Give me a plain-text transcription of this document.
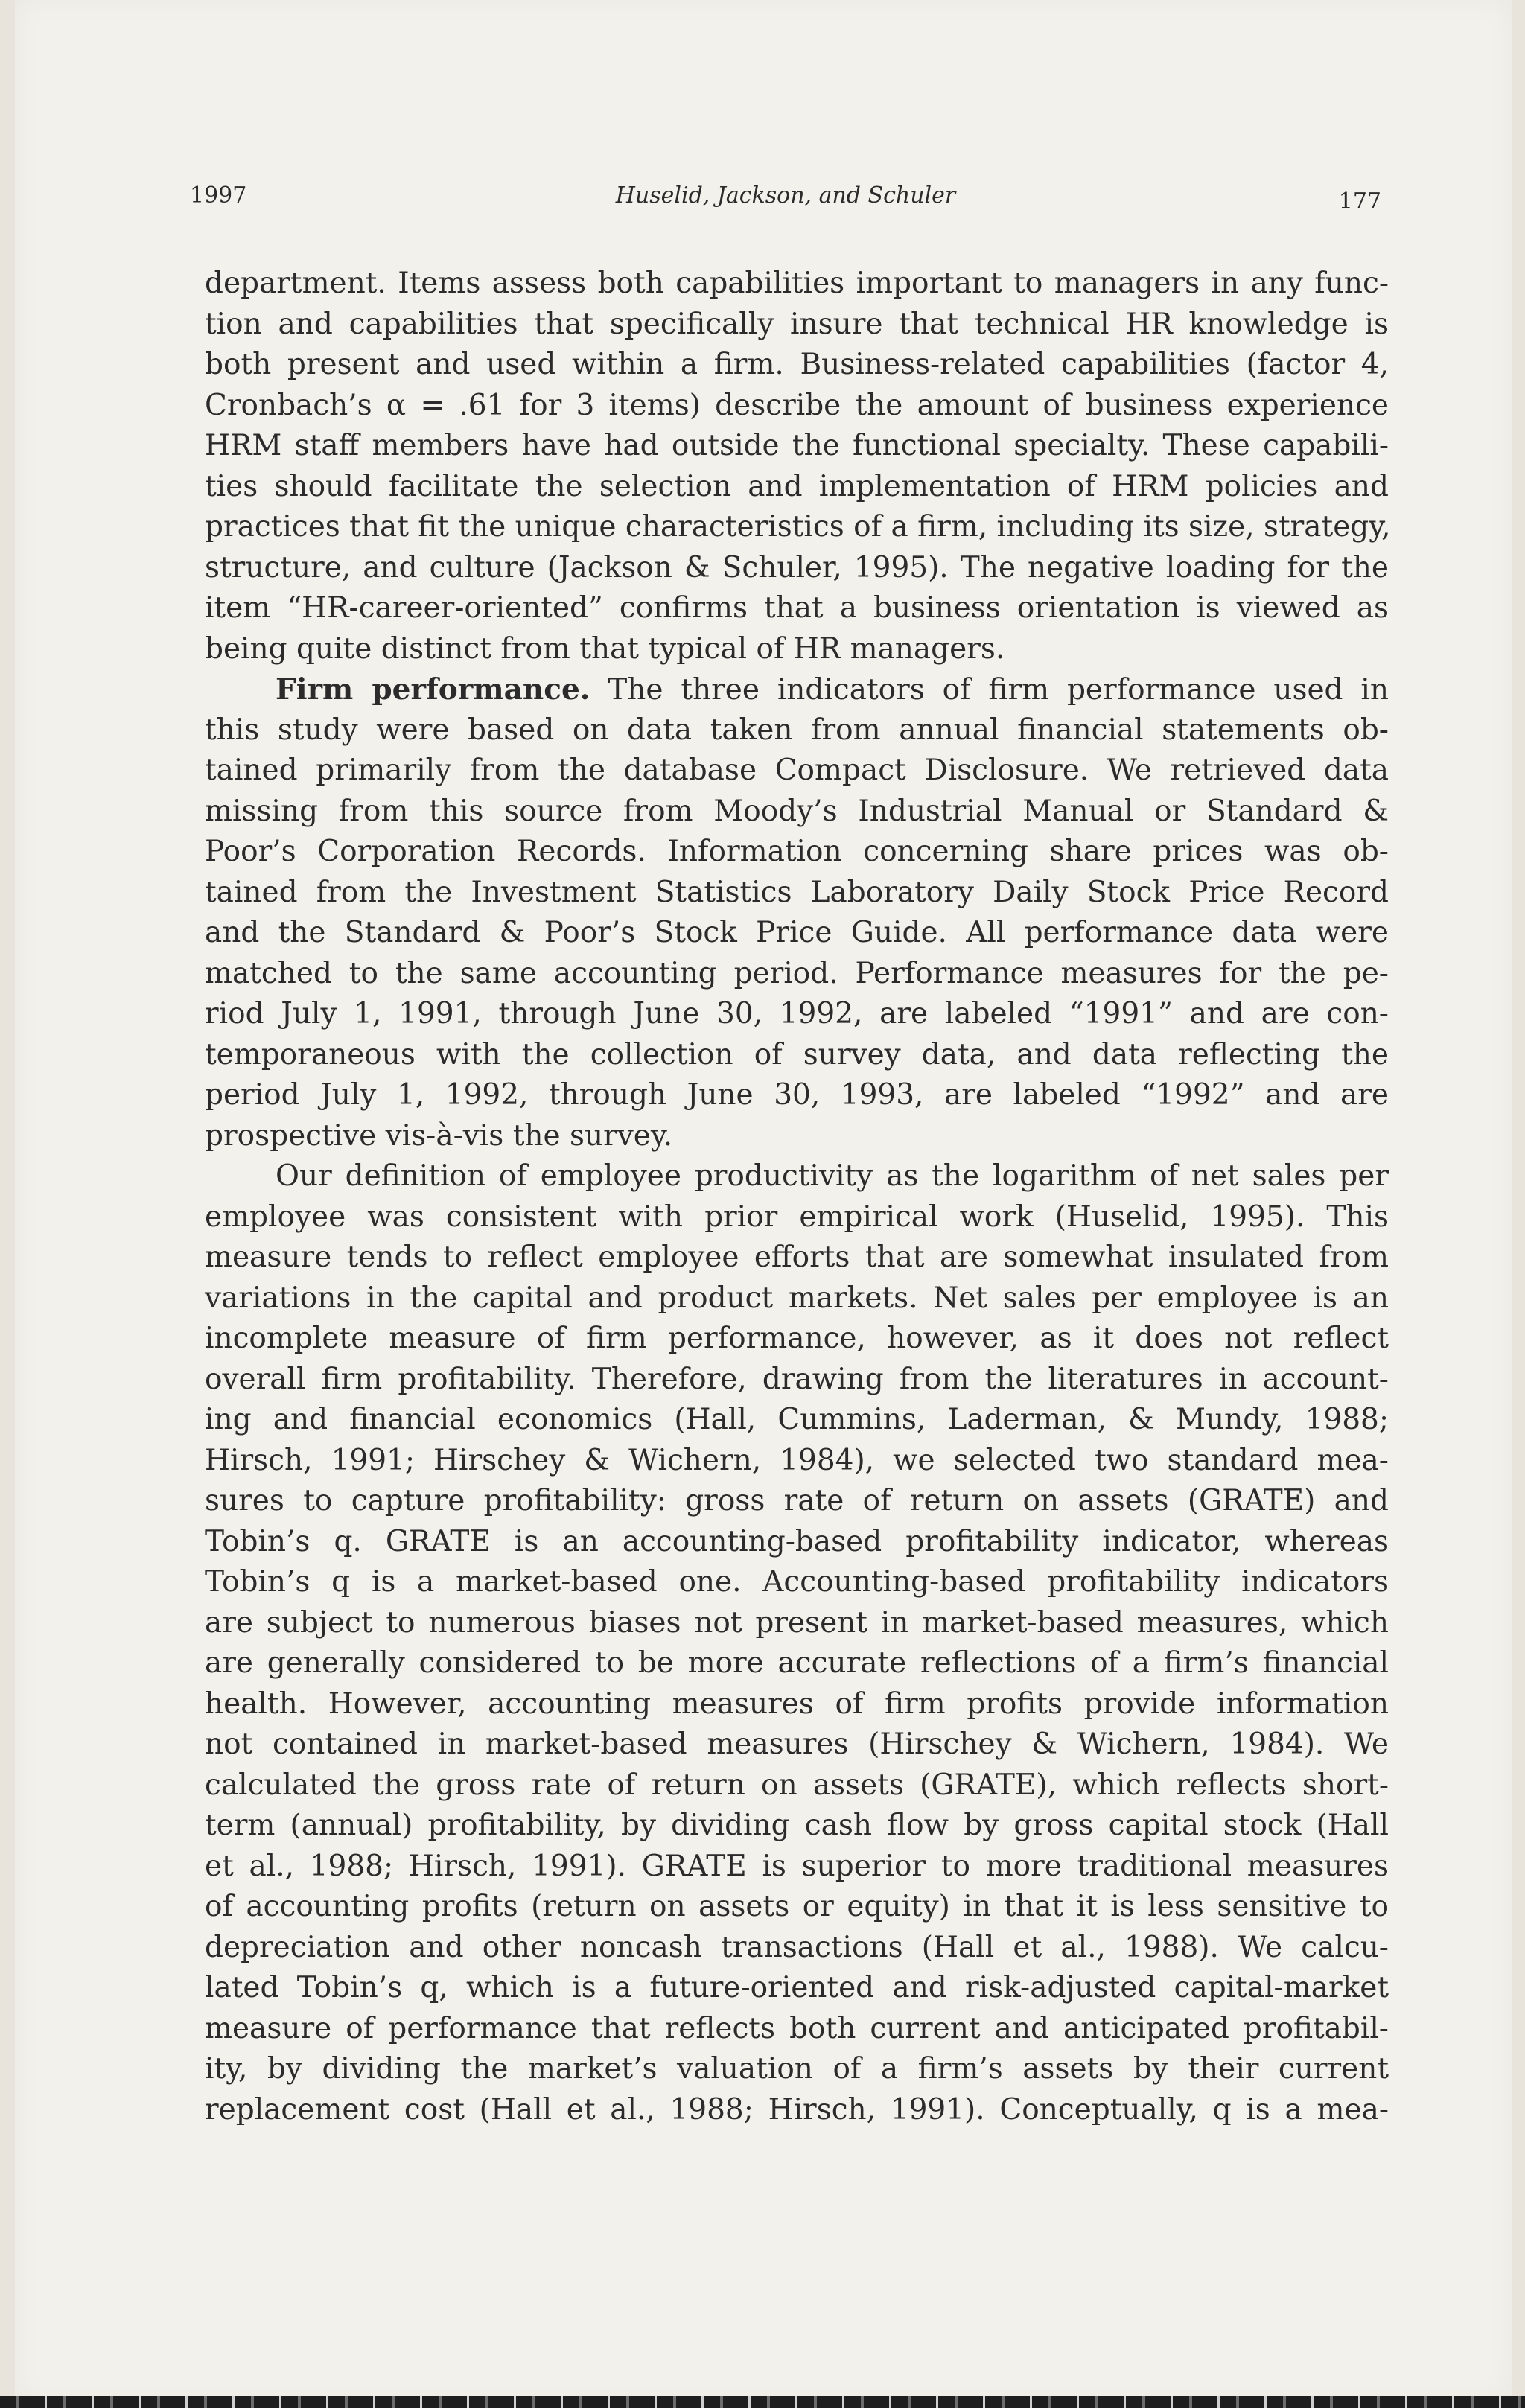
1997	Huselid, Jackson, and Schuler	177
department. Items assess both capabilities important to managers in any func-
tion and capabilities that specifically insure that technical HR knowledge is
both present and used within a firm. Business-related capabilities (factor 4,
Cronbach’s α = .61 for 3 items) describe the amount of business experience
HRM staff members have had outside the functional specialty. These capabili-
ties should facilitate the selection and implementation of HRM policies and
practices that fit the unique characteristics of a firm, including its size, strategy,
structure, and culture (Jackson & Schuler, 1995). The negative loading for the
item “HR-career-oriented” confirms that a business orientation is viewed as
being quite distinct from that typical of HR managers.
Firm performance. The three indicators of firm performance used in
this study were based on data taken from annual financial statements ob-
tained primarily from the database Compact Disclosure. We retrieved data
missing from this source from Moody’s Industrial Manual or Standard &
Poor’s Corporation Records. Information concerning share prices was ob-
tained from the Investment Statistics Laboratory Daily Stock Price Record
and the Standard & Poor’s Stock Price Guide. All performance data were
matched to the same accounting period. Performance measures for the pe-
riod July 1, 1991, through June 30, 1992, are labeled “1991” and are con-
temporaneous with the collection of survey data, and data reflecting the
period July 1, 1992, through June 30, 1993, are labeled “1992” and are
prospective vis-à-vis the survey.
Our definition of employee productivity as the logarithm of net sales per
employee was consistent with prior empirical work (Huselid, 1995). This
measure tends to reflect employee efforts that are somewhat insulated from
variations in the capital and product markets. Net sales per employee is an
incomplete measure of firm performance, however, as it does not reflect
overall firm profitability. Therefore, drawing from the literatures in account-
ing and financial economics (Hall, Cummins, Laderman, & Mundy, 1988;
Hirsch, 1991; Hirschey & Wichern, 1984), we selected two standard mea-
sures to capture profitability: gross rate of return on assets (GRATE) and
Tobin’s q. GRATE is an accounting-based profitability indicator, whereas
Tobin’s q is a market-based one. Accounting-based profitability indicators
are subject to numerous biases not present in market-based measures, which
are generally considered to be more accurate reflections of a firm’s financial
health. However, accounting measures of firm profits provide information
not contained in market-based measures (Hirschey & Wichern, 1984). We
calculated the gross rate of return on assets (GRATE), which reflects short-
term (annual) profitability, by dividing cash flow by gross capital stock (Hall
et al., 1988; Hirsch, 1991). GRATE is superior to more traditional measures
of accounting profits (return on assets or equity) in that it is less sensitive to
depreciation and other noncash transactions (Hall et al., 1988). We calcu-
lated Tobin’s q, which is a future-oriented and risk-adjusted capital-market
measure of performance that reflects both current and anticipated profitabil-
ity, by dividing the market’s valuation of a firm’s assets by their current
replacement cost (Hall et al., 1988; Hirsch, 1991). Conceptually, q is a mea-
